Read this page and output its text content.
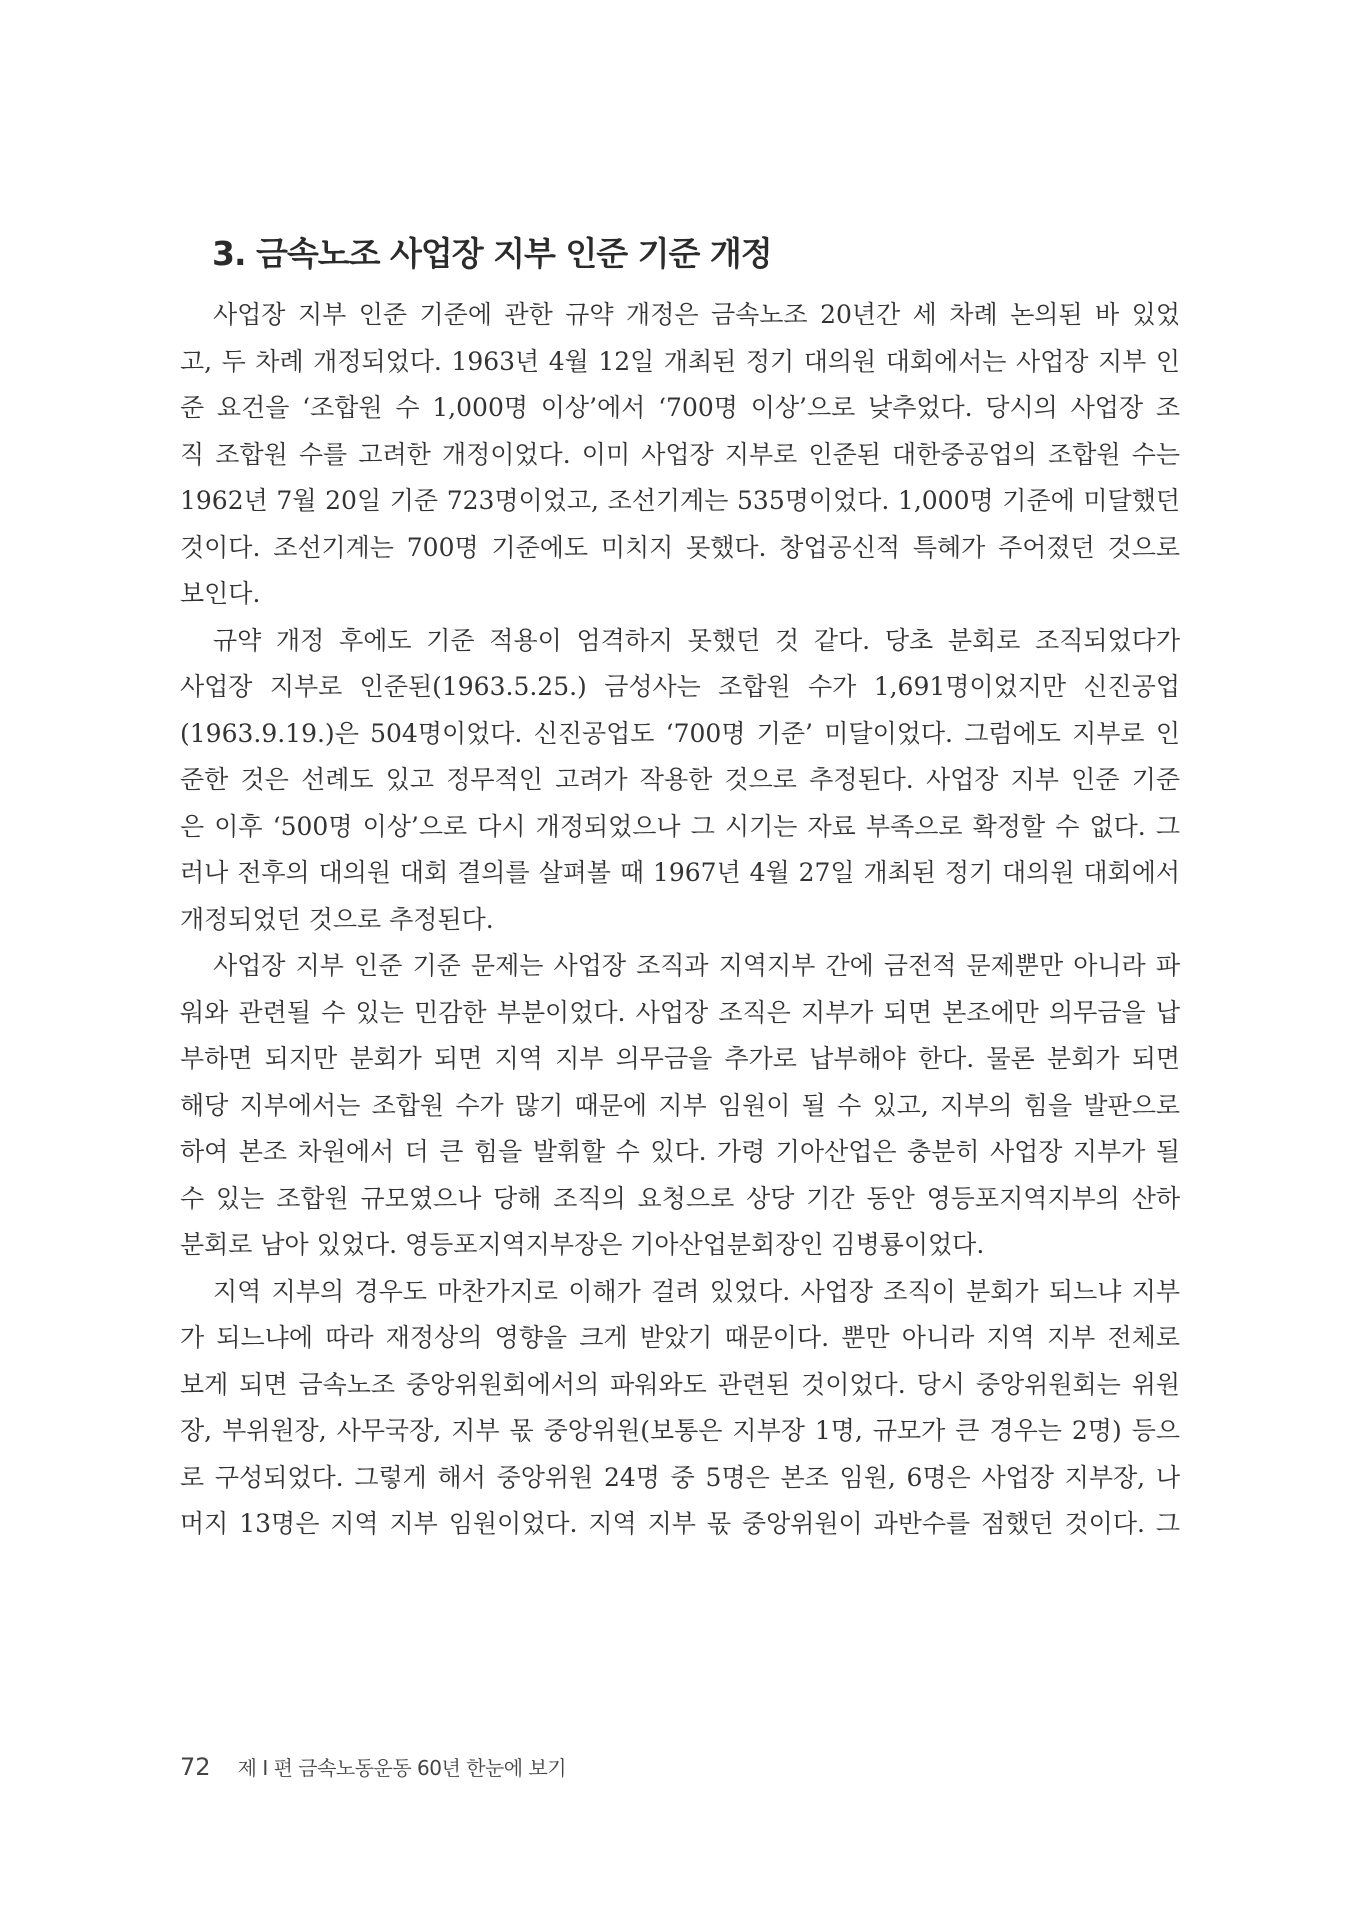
3. 금속노조 사업장 지부 인준 기준 개정
사업장 지부 인준 기준에 관한 규약 개정은 금속노조 20년간 세 차례 논의된 바 있었
고, 두 차례 개정되었다. 1963년 4월 12일 개최된 정기 대의원 대회에서는 사업장 지부 인
준 요건을 ‘조합원 수 1,000명 이상’에서 ‘700명 이상’으로 낮추었다. 당시의 사업장 조
직 조합원 수를 고려한 개정이었다. 이미 사업장 지부로 인준된 대한중공업의 조합원 수는
1962년 7월 20일 기준 723명이었고, 조선기계는 535명이었다. 1,000명 기준에 미달했던
것이다. 조선기계는 700명 기준에도 미치지 못했다. 창업공신적 특혜가 주어졌던 것으로
보인다.
규약 개정 후에도 기준 적용이 엄격하지 못했던 것 같다. 당초 분회로 조직되었다가
사업장 지부로 인준된(1963.5.25.) 금성사는 조합원 수가 1,691명이었지만 신진공업
(1963.9.19.)은 504명이었다. 신진공업도 ‘700명 기준’ 미달이었다. 그럼에도 지부로 인
준한 것은 선례도 있고 정무적인 고려가 작용한 것으로 추정된다. 사업장 지부 인준 기준
은 이후 ‘500명 이상’으로 다시 개정되었으나 그 시기는 자료 부족으로 확정할 수 없다. 그
러나 전후의 대의원 대회 결의를 살펴볼 때 1967년 4월 27일 개최된 정기 대의원 대회에서
개정되었던 것으로 추정된다.
사업장 지부 인준 기준 문제는 사업장 조직과 지역지부 간에 금전적 문제뿐만 아니라 파
워와 관련될 수 있는 민감한 부분이었다. 사업장 조직은 지부가 되면 본조에만 의무금을 납
부하면 되지만 분회가 되면 지역 지부 의무금을 추가로 납부해야 한다. 물론 분회가 되면
해당 지부에서는 조합원 수가 많기 때문에 지부 임원이 될 수 있고, 지부의 힘을 발판으로
하여 본조 차원에서 더 큰 힘을 발휘할 수 있다. 가령 기아산업은 충분히 사업장 지부가 될
수 있는 조합원 규모였으나 당해 조직의 요청으로 상당 기간 동안 영등포지역지부의 산하
분회로 남아 있었다. 영등포지역지부장은 기아산업분회장인 김병룡이었다.
지역 지부의 경우도 마찬가지로 이해가 걸려 있었다. 사업장 조직이 분회가 되느냐 지부
가 되느냐에 따라 재정상의 영향을 크게 받았기 때문이다. 뿐만 아니라 지역 지부 전체로
보게 되면 금속노조 중앙위원회에서의 파워와도 관련된 것이었다. 당시 중앙위원회는 위원
장, 부위원장, 사무국장, 지부 몫 중앙위원(보통은 지부장 1명, 규모가 큰 경우는 2명) 등으
로 구성되었다. 그렇게 해서 중앙위원 24명 중 5명은 본조 임원, 6명은 사업장 지부장, 나
머지 13명은 지역 지부 임원이었다. 지역 지부 몫 중앙위원이 과반수를 점했던 것이다. 그
72 제 I 편 금속노동운동 60년 한눈에 보기
